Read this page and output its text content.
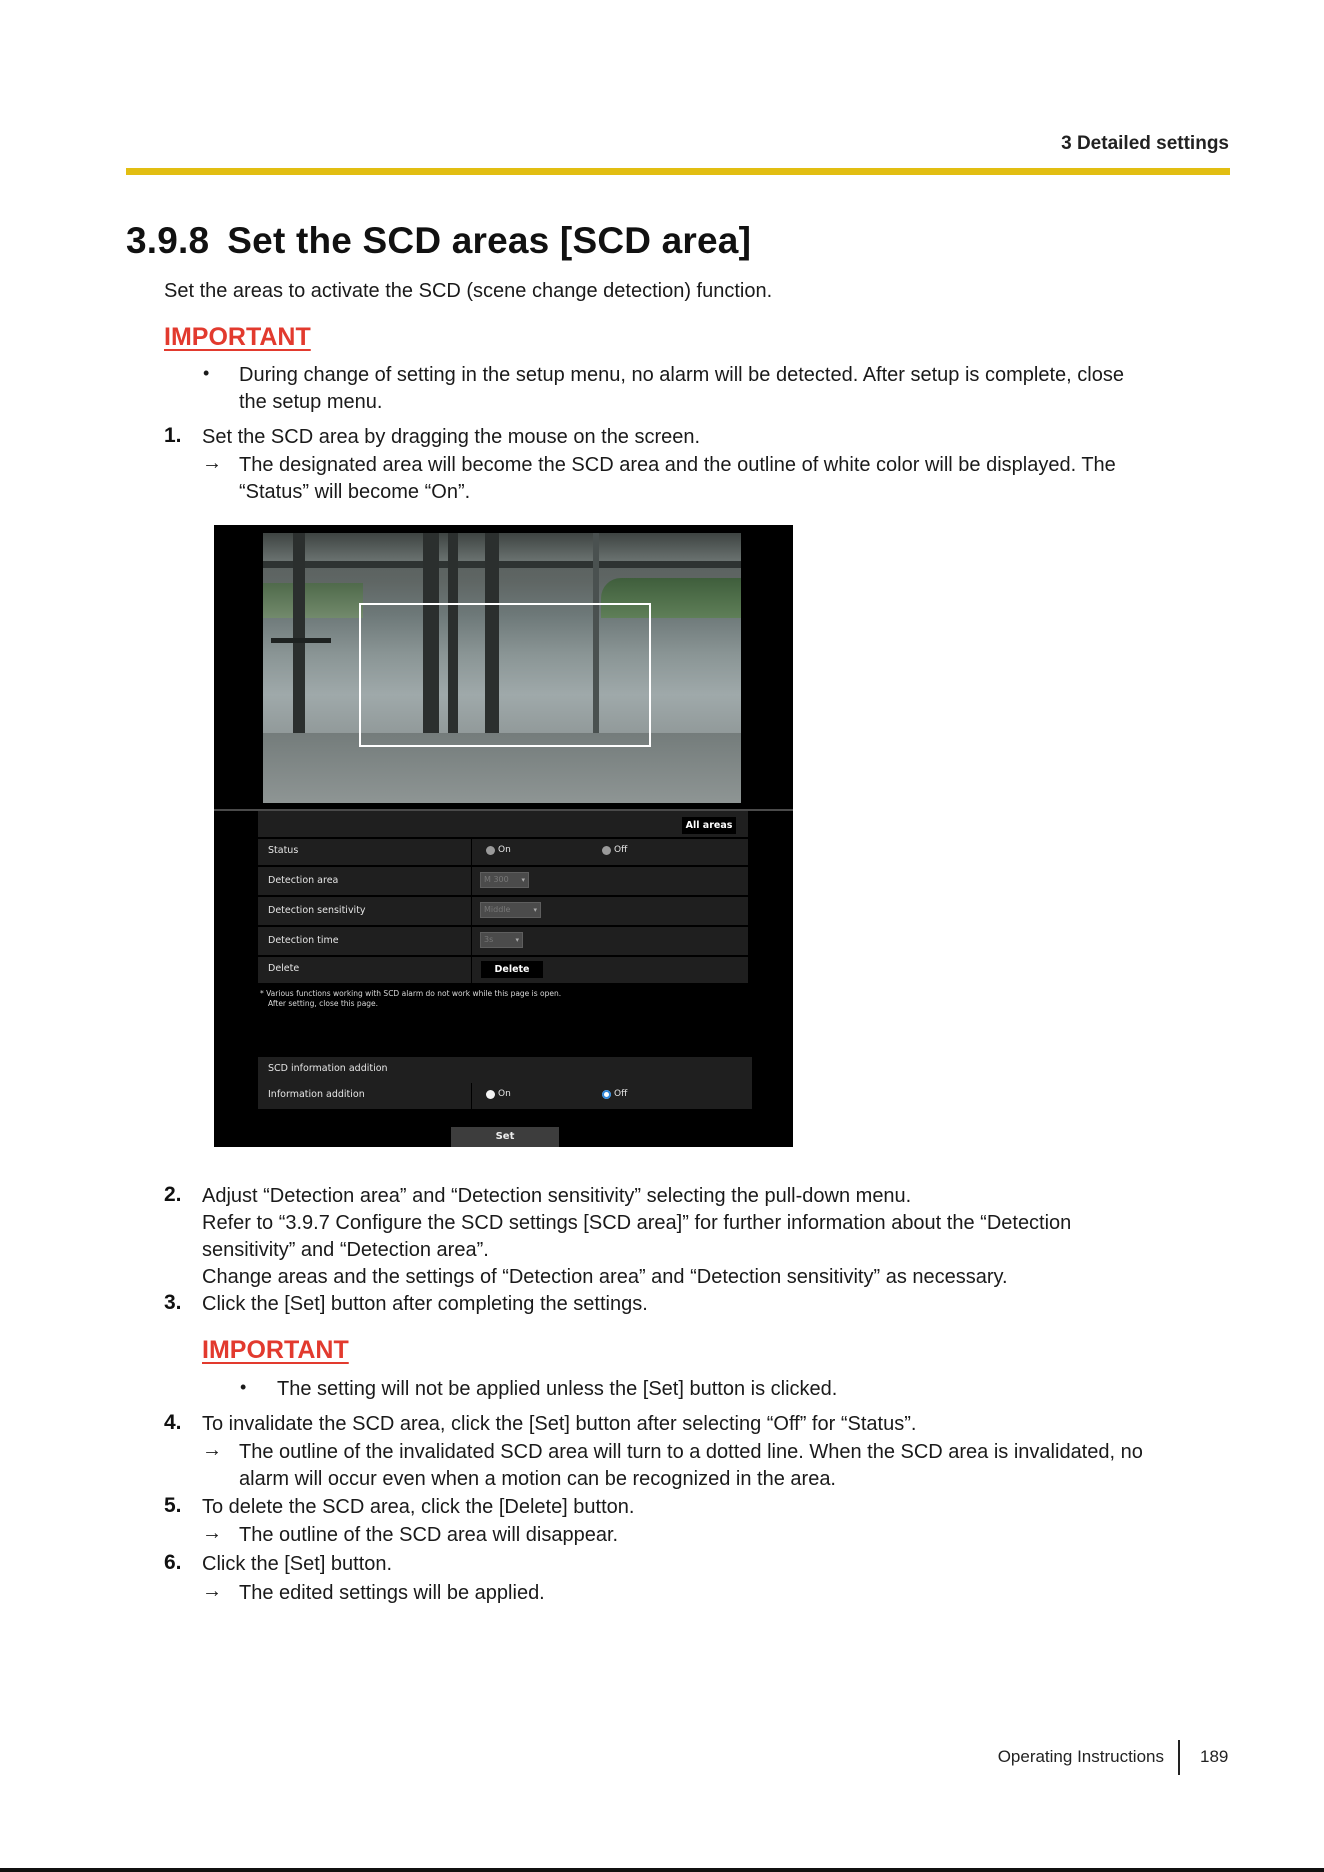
3 Detailed settings
3.9.8 Set the SCD areas [SCD area]
Set the areas to activate the SCD (scene change detection) function.
IMPORTANT
• During change of setting in the setup menu, no alarm will be detected. After setup is complete, close
the setup menu.
1. Set the SCD area by dragging the mouse on the screen.
→ The designated area will become the SCD area and the outline of white color will be displayed. The
“Status” will become “On”.
All areas
Status	On	Off
Detection area	M 300 ▾
Detection sensitivity	Middle	▾
Detection time	3s	▾
Delete	Delete
* Various functions working with SCD alarm do not work while this page is open.
After setting, close this page.
SCD information addition
Information addition	On	Off
Set
2. Adjust “Detection area” and “Detection sensitivity” selecting the pull-down menu.
Refer to “3.9.7 Configure the SCD settings [SCD area]” for further information about the “Detection
sensitivity” and “Detection area”.
Change areas and the settings of “Detection area” and “Detection sensitivity” as necessary.
3. Click the [Set] button after completing the settings.
IMPORTANT
• The setting will not be applied unless the [Set] button is clicked.
4. To invalidate the SCD area, click the [Set] button after selecting “Off” for “Status”.
→ The outline of the invalidated SCD area will turn to a dotted line. When the SCD area is invalidated, no
alarm will occur even when a motion can be recognized in the area.
5. To delete the SCD area, click the [Delete] button.
→ The outline of the SCD area will disappear.
6. Click the [Set] button.
→ The edited settings will be applied.
Operating Instructions 189
